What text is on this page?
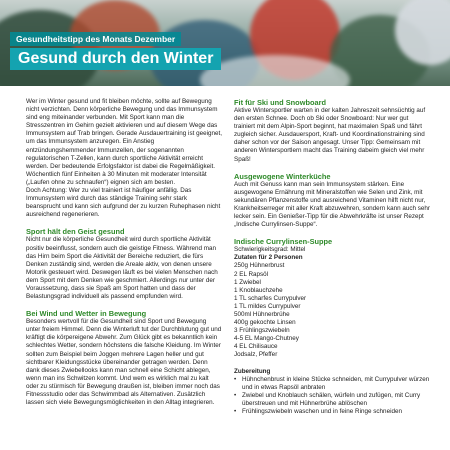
Gesundheitstipp des Monats Dezember
Gesund durch den Winter

Wer im Winter gesund und fit bleiben möchte, sollte auf Bewegung nicht verzichten. Denn körperliche Bewegung und das Immunsystem sind eng miteinander verbunden. Mit Sport kann man die Stresszentren im Gehirn gezielt aktivieren und auf diesem Wege das Immunsystem auf Trab bringen. Gerade Ausdauertraining ist geeignet, um das Immunsystem anzuregen. Ein Anstieg entzündungshemmender Immunzellen, der sogenannten regulatorischen T-Zellen, kann durch sportliche Aktivität erreicht werden. Der bedeutende Erfolgsfaktor ist dabei die Regelmäßigkeit. Wöchentlich fünf Einheiten à 30 Minuten mit moderater Intensität („Laufen ohne zu schnaufen“) eignen sich am besten.

Doch Achtung: Wer zu viel trainiert ist häufiger anfällig. Das Immunsystem wird durch das ständige Training sehr stark beansprucht und kann sich aufgrund der zu kurzen Ruhephasen nicht ausreichend regenerieren.

Sport hält den Geist gesund

Nicht nur die körperliche Gesundheit wird durch sportliche Aktivität positiv beeinflusst, sondern auch die geistige Fitness. Während man das Hirn beim Sport die Aktivität der Bereiche reduziert, die fürs Denken zuständig sind, werden die Areale aktiv, von denen unsere Motorik gesteuert wird. Deswegen läuft es bei vielen Menschen nach dem Sport mit dem Denken wie geschmiert. Allerdings nur unter der Voraussetzung, dass sie Spaß am Sport hatten und dass der Belastungsgrad individuell als passend empfunden wird.

Bei Wind und Wetter in Bewegung

Besonders wertvoll für die Gesundheit sind Sport und Bewegung unter freiem Himmel. Denn die Winterluft tut der Durchblutung gut und kräftigt die körpereigene Abwehr. Zum Glück gibt es bekanntlich kein schlechtes Wetter, sondern höchstens die falsche Kleidung. Im Winter sollten zum Beispiel beim Joggen mehrere Lagen heller und gut sichtbarer Kleidungsstücke übereinander getragen werden. Denn dank dieses Zwiebellooks kann man schnell eine Schicht ablegen, wenn man ins Schwitzen kommt. Und wem es wirklich mal zu kalt oder zu stürmisch für Bewegung draußen ist, bleiben immer noch das Fitnessstudio oder das Schwimmbad als Alternativen. Zusätzlich lassen sich viele Bewegungsmöglichkeiten in den Alltag integrieren.

Fit für Ski und Snowboard

Aktive Wintersportler warten in der kalten Jahreszeit sehnsüchtig auf den ersten Schnee. Doch ob Ski oder Snowboard: Nur wer gut trainiert mit dem Alpin-Sport beginnt, hat maximalen Spaß und fährt zugleich sicher. Ausdauersport, Kraft- und Koordinationstraining sind daher schon vor der Saison angesagt. Unser Tipp: Gemeinsam mit anderen Wintersportlern macht das Training dabeim gleich viel mehr Spaß!

Ausgewogene Winterküche

Auch mit Genuss kann man sein Immunsystem stärken. Eine ausgewogene Ernährung mit Mineralstoffen wie Selen und Zink, mit sekundären Pflanzenstoffe und ausreichend Vitaminen hilft nicht nur, Krankheitserreger mit aller Kraft abzuwehren, sondern kann auch sehr lecker sein. Ein Genießer-Tipp für die Abwehrkräfte ist unser Rezept „Indische Currylinsen-Suppe“.

Indische Currylinsen-Suppe

Schwierigkeitsgrad: Mittel

Zutaten für 2 Personen

250g Hühnerbrust
2 EL Rapsöl
1 Zwiebel
1 Knoblauchzehe
1 TL scharfes Currypulver
1 TL mildes Currypulver
500ml Hühnerbrühe
400g gekochte Linsen
3 Frühlingszwiebeln
4-5 EL Mango-Chutney
4 EL Chilisauce
Jodsalz, Pfeffer

Zubereitung

• Hühnchenbrust in kleine Stücke schneiden, mit Currypulver würzen und in etwas Rapsöl anbraten
• Zwiebel und Knoblauch schälen, würfeln und zufügen, mit Curry überstreuen und mit Hühnerbrühe ablöschen
• Frühlingszwiebeln waschen und in feine Ringe schneiden
